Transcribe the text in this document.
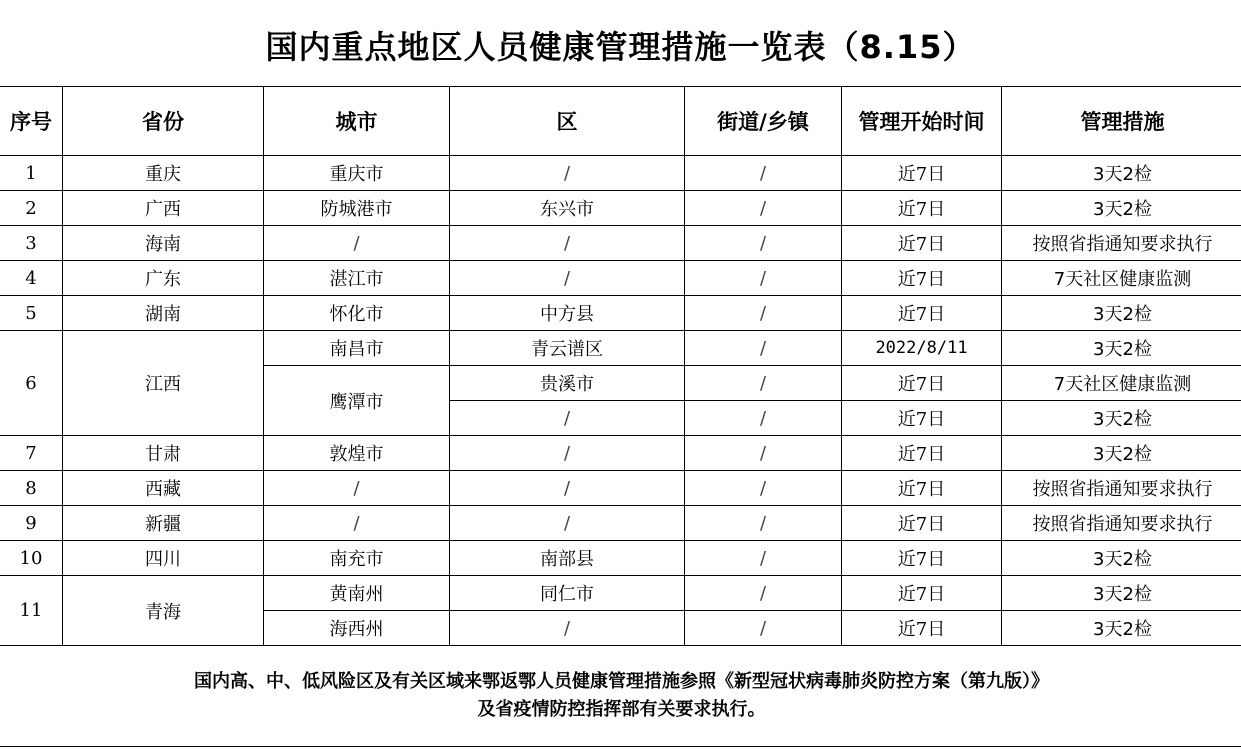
国内重点地区人员健康管理措施一览表（8.15）
序号	省份	城市	区	街道/乡镇	管理开始时间	管理措施
1	重庆	重庆市	/	/	近7日	3天2检
2	广西	防城港市	东兴市	/	近7日	3天2检
3	海南	/	/	/	近7日	按照省指通知要求执行
4	广东	湛江市	/	/	近7日	7天社区健康监测
5	湖南	怀化市	中方县	/	近7日	3天2检
6	江西	南昌市	青云谱区	/	2022/8/11	3天2检
		鹰潭市	贵溪市	/	近7日	7天社区健康监测
			/	/	近7日	3天2检
7	甘肃	敦煌市	/	/	近7日	3天2检
8	西藏	/	/	/	近7日	按照省指通知要求执行
9	新疆	/	/	/	近7日	按照省指通知要求执行
10	四川	南充市	南部县	/	近7日	3天2检
11	青海	黄南州	同仁市	/	近7日	3天2检
		海西州	/	/	近7日	3天2检

国内高、中、低风险区及有关区域来鄂返鄂人员健康管理措施参照《新型冠状病毒肺炎防控方案（第九版）》
及省疫情防控指挥部有关要求执行。						
